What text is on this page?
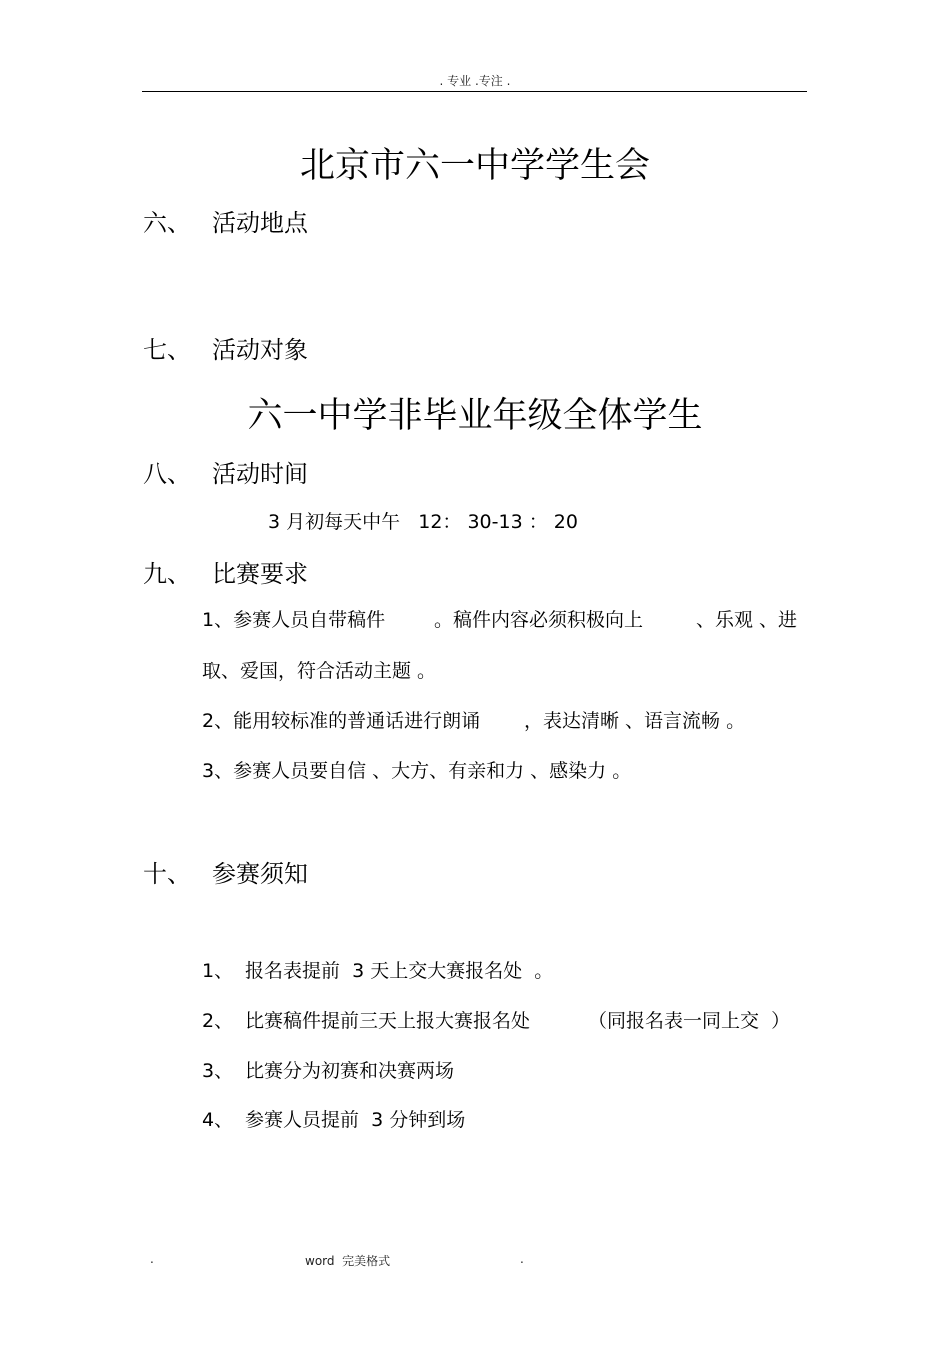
. 专业 .专注 .
北京市六一中学学生会
六、 活动地点
七、 活动对象
六一中学非毕业年级全体学生
八、 活动时间
3 月初每天中午   12： 30-13 ： 20
九、 比赛要求
1、参赛人员自带稿件	。稿件内容必须积极向上	、乐观 、进
取、爱国，符合活动主题 。
2、能用较标准的普通话进行朗诵 ，表达清晰 、语言流畅 。
3、参赛人员要自信 、大方、有亲和力 、感染力 。
十、 参赛须知
1、 报名表提前  3 天上交大赛报名处  。
2、 比赛稿件提前三天上报大赛报名处	（同报名表一同上交  ）
3、 比赛分为初赛和决赛两场
4、 参赛人员提前  3 分钟到场
.	word  完美格式	.
